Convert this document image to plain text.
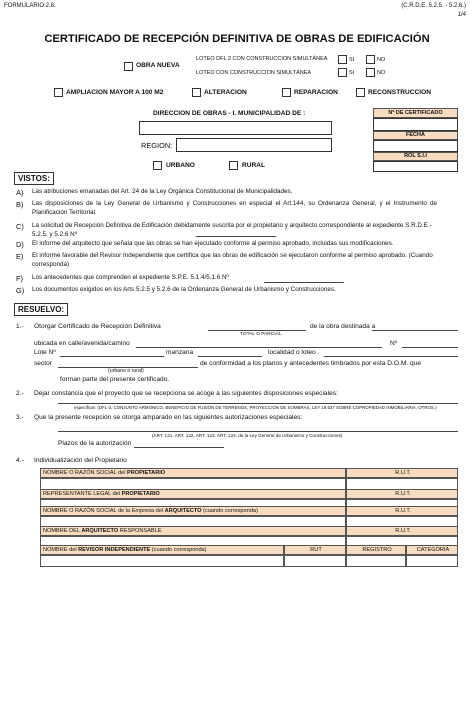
FORMULARIO 2.8.	(C.R.D.E. 5.2.5. - 5.2.6.)
1/4
CERTIFICADO DE RECEPCIÓN DEFINITIVA DE OBRAS DE EDIFICACIÓN
OBRA NUEVA
LOTEO DFL 2 CON CONSTRUCCION SIMULTÁNEA
LOTEO CON CONSTRUCCION SIMULTÁNEA
SI	NO
SI	NO
AMPLIACION MAYOR A 100 M2	ALTERACION	REPARACION	RECONSTRUCCION
DIRECCION DE OBRAS - I. MUNICIPALIDAD DE :
REGION:
URBANO	RURAL
Nº DE CERTIFICADO
FECHA
ROL S.I.I
VISTOS:
A) Las atribuciones emanadas del Art. 24 de la Ley Orgánica Constitucional de Municipalidades,
B) Las disposiciones de la Ley General de Urbanismo y Construcciones en especial el Art.144, su Ordenanza General, y el Instrumento de Planificación Territorial.
C) La solicitud de Recepción Definitiva de Edificación debidamente suscrita por el propietario y arquitecto correspondiente al expediente S.R.D.E.- 5.2.5. y 5.2.6 Nº
D) El informe del arquitecto que señala que las obras se han ejecutado conforme al permiso aprobado, incluidas sus modificaciones.
E) El informe favorable del Revisor Independiente que certifica que las obras de edificación se ejecutaron conforme al permiso aprobado. (Cuando corresponda)
F) Los antecedentes que comprenden el expediente S.P.E. 5.1.4/5.1.6 Nº
G) Los documentos exigidos en los Arts 5.2.5 y 5.2.6 de la Ordenanza General de Urbanismo y Construcciones.
RESUELVO:
1.- Otorgar Certificado de Recepción Definitiva
TOTAL O PARCIAL
de la obra destinada a
ubicada en calle/avenida/camino	Nº
Lote Nº	manzana	localidad o loteo
sector	de conformidad a los planos y antecedentes timbrados por esta D.O.M. que
(urbano o rural)
forman parte del presente certificado.
2.- Dejar constancia que el proyecto que se recepciona se acoge a las siguientes disposiciones especiales:
especificar: (DFL-2, CONJUNTO ARMONICO, BENEFICIO DE FUSIÓN DE TERRENOS, PROYECCIÓN DE SOMBRAS, LEY 19.537 SOBRE COPROPIEDAD INMOBILIARIA, OTROS.)
3.- Que la presente recepción se otorga amparado en las siguientes autorizaciones especiales:
(ART. 121, ART. 122, ART. 123, ART. 124, de la Ley General de Urbanismo y Construcciones)
Plazos de la autorización
4.- Individualización del Propietario
NOMBRE O RAZÓN SOCIAL del PROPIETARIO	R.U.T.
REPRESENTANTE LEGAL del PROPIETARIO	R.U.T.
NOMBRE O RAZÓN SOCIAL de la Empresa del ARQUITECTO (cuando corresponda)	R.U.T.
NOMBRE DEL ARQUITECTO RESPONSABLE	R.U.T.
NOMBRE del REVISOR INDEPENDIENTE (cuando corresponda)	RUT	REGISTRO	CATEGORIA
